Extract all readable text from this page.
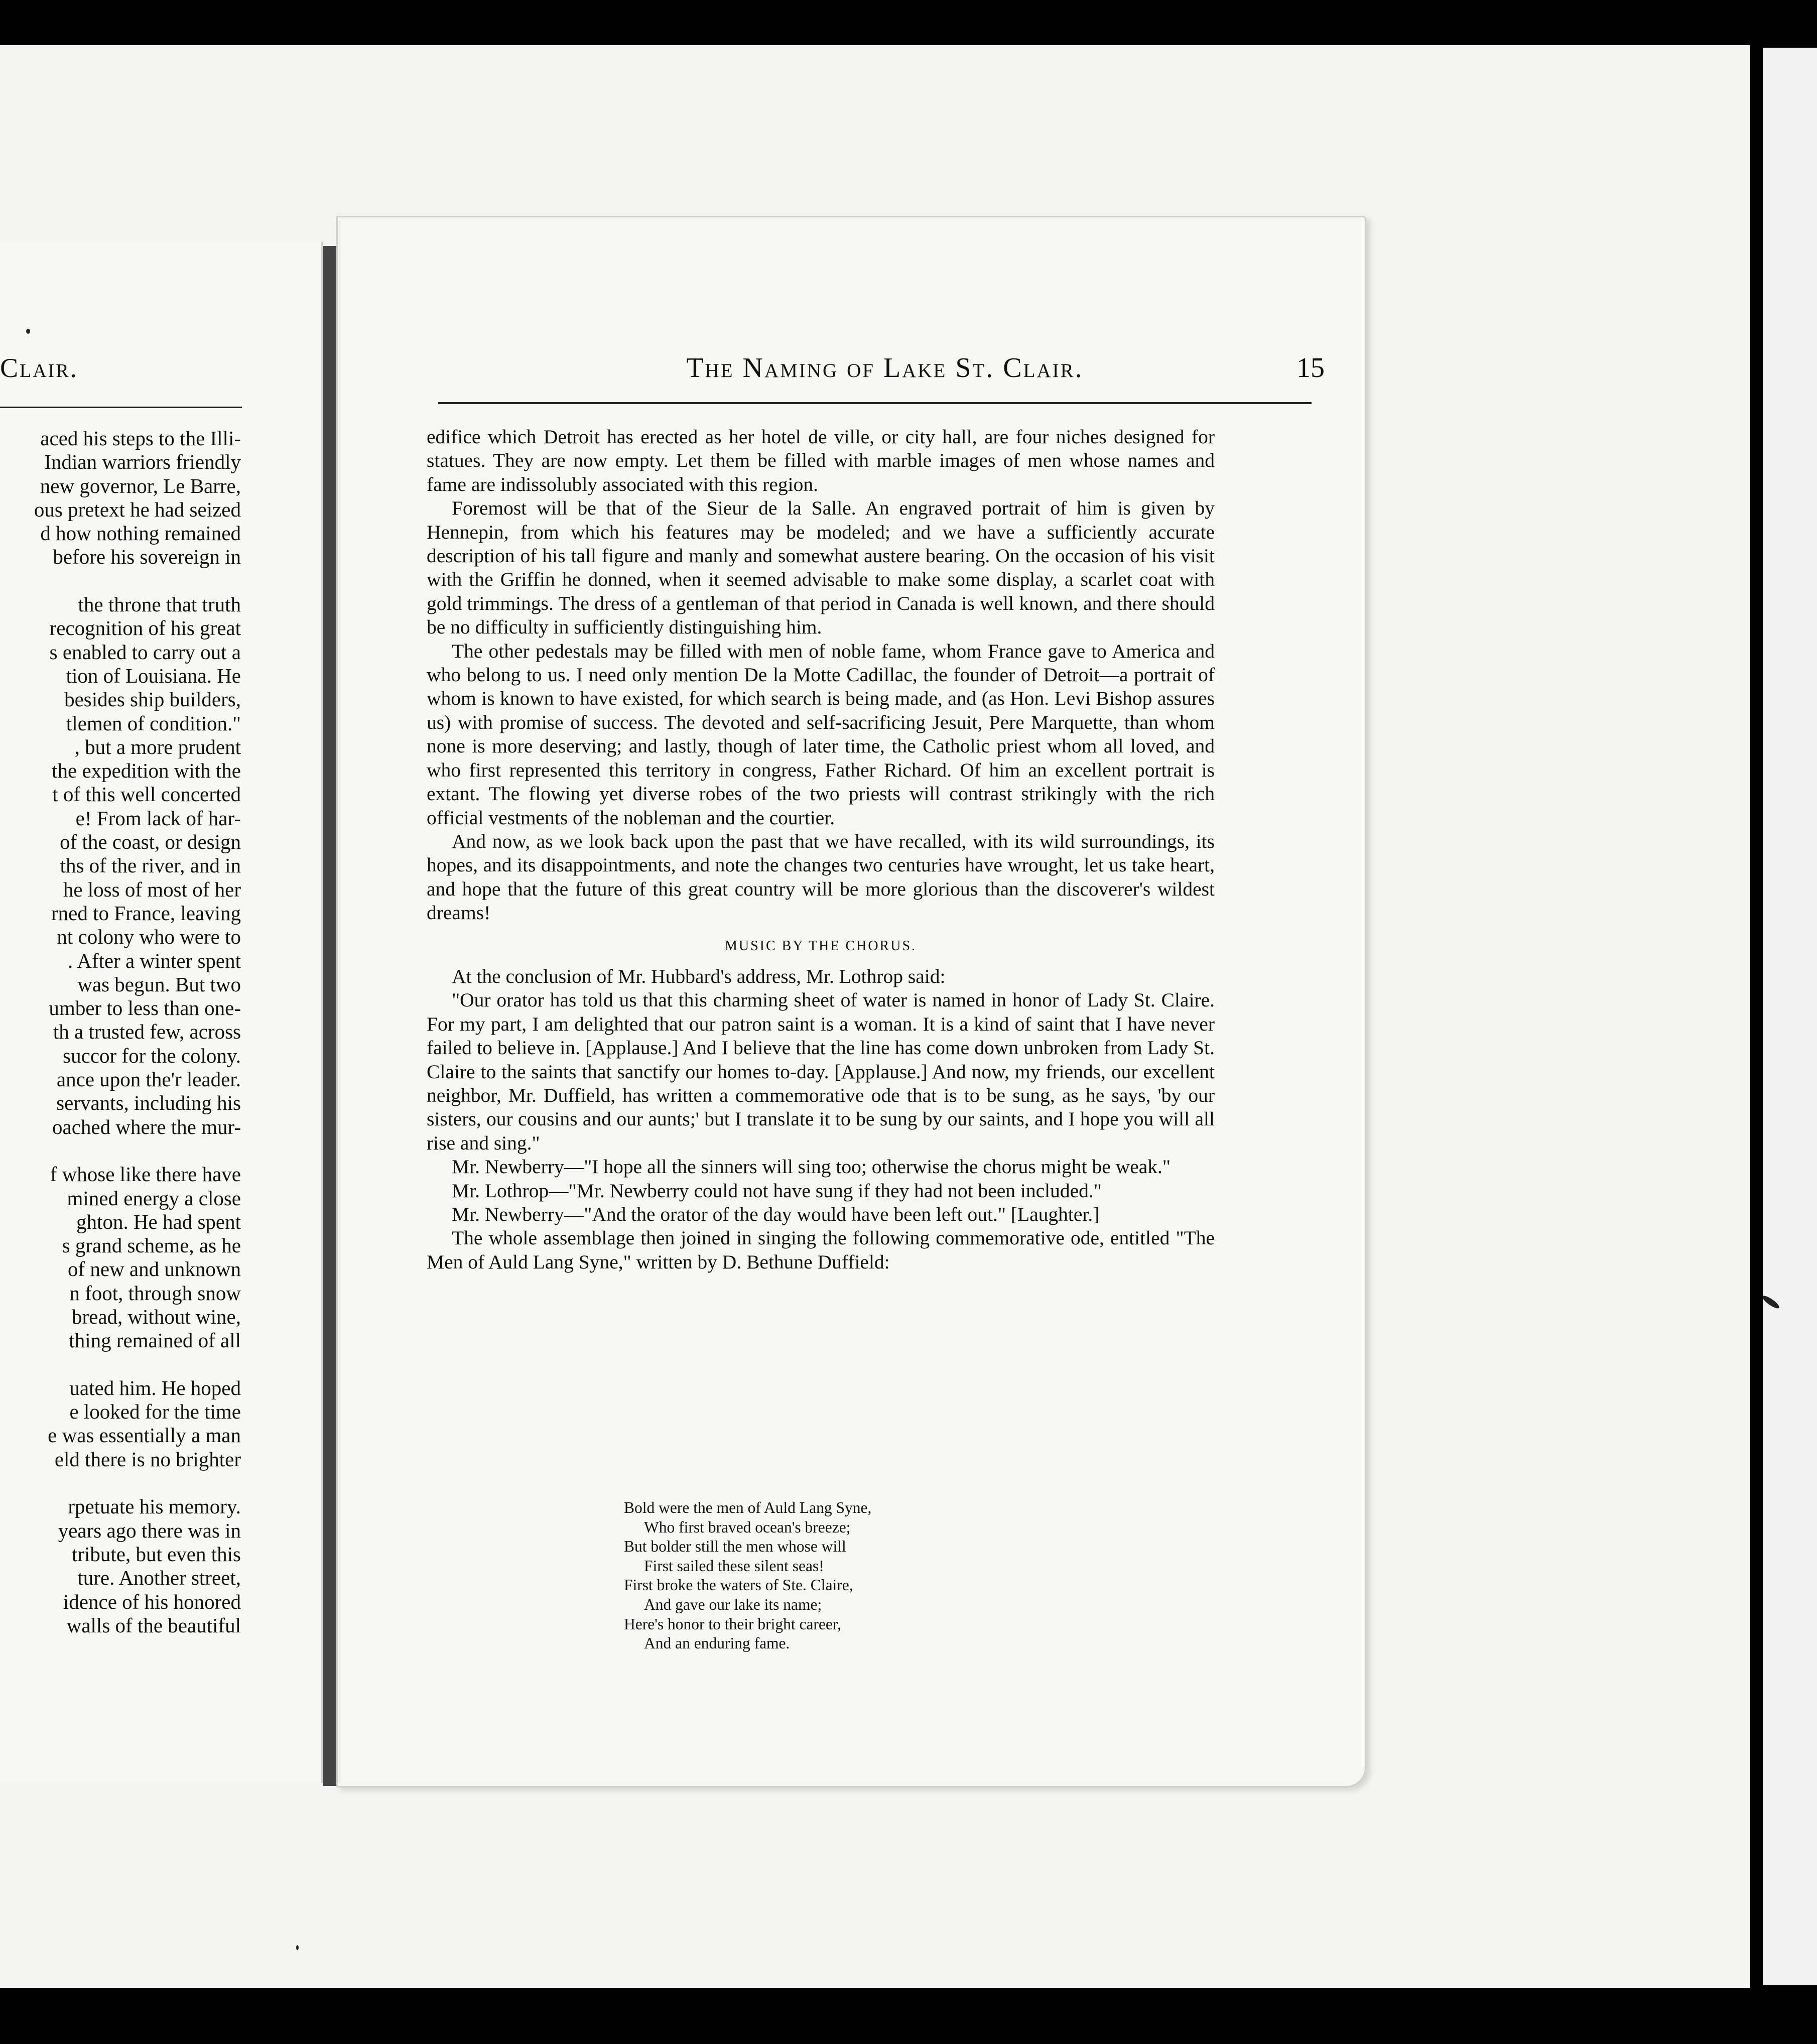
Clair.
aced his steps to the Illi-
Indian warriors friendly
new governor, Le Barre,
ous pretext he had seized
d how nothing remained
before his sovereign in
the throne that truth
recognition of his great
s enabled to carry out a
tion of Louisiana. He
besides ship builders,
tlemen of condition."
, but a more prudent
the expedition with the
t of this well concerted
e! From lack of har-
of the coast, or design
ths of the river, and in
he loss of most of her
rned to France, leaving
nt colony who were to
. After a winter spent
was begun. But two
umber to less than one-
th a trusted few, across
succor for the colony.
ance upon the'r leader.
servants, including his
oached where the mur-
f whose like there have
mined energy a close
ghton. He had spent
s grand scheme, as he
of new and unknown
n foot, through snow
bread, without wine,
thing remained of all
uated him. He hoped
e looked for the time
e was essentially a man
eld there is no brighter
rpetuate his memory.
years ago there was in
tribute, but even this
ture. Another street,
idence of his honored
walls of the beautiful
The Naming of Lake St. Clair.	15

edifice which Detroit has erected as her hotel de ville, or city hall, are four niches designed for statues. They are now empty. Let them be filled with marble images of men whose names and fame are indissolubly associated with this region.

Foremost will be that of the Sieur de la Salle. An engraved portrait of him is given by Hennepin, from which his features may be modeled; and we have a sufficiently accurate description of his tall figure and manly and somewhat austere bearing. On the occasion of his visit with the Griffin he donned, when it seemed advisable to make some display, a scarlet coat with gold trimmings. The dress of a gentleman of that period in Canada is well known, and there should be no difficulty in sufficiently distinguishing him.

The other pedestals may be filled with men of noble fame, whom France gave to America and who belong to us. I need only mention De la Motte Cadillac, the founder of Detroit—a portrait of whom is known to have existed, for which search is being made, and (as Hon. Levi Bishop assures us) with promise of success. The devoted and self-sacrificing Jesuit, Pere Marquette, than whom none is more deserving; and lastly, though of later time, the Catholic priest whom all loved, and who first represented this territory in congress, Father Richard. Of him an excellent portrait is extant. The flowing yet diverse robes of the two priests will contrast strikingly with the rich official vestments of the nobleman and the courtier.

And now, as we look back upon the past that we have recalled, with its wild surroundings, its hopes, and its disappointments, and note the changes two centuries have wrought, let us take heart, and hope that the future of this great country will be more glorious than the discoverer's wildest dreams!

MUSIC BY THE CHORUS.

At the conclusion of Mr. Hubbard's address, Mr. Lothrop said:

"Our orator has told us that this charming sheet of water is named in honor of Lady St. Claire. For my part, I am delighted that our patron saint is a woman. It is a kind of saint that I have never failed to believe in. [Applause.] And I believe that the line has come down unbroken from Lady St. Claire to the saints that sanctify our homes to-day. [Applause.] And now, my friends, our excellent neighbor, Mr. Duffield, has written a commemorative ode that is to be sung, as he says, 'by our sisters, our cousins and our aunts;' but I translate it to be sung by our saints, and I hope you will all rise and sing."

Mr. Newberry—"I hope all the sinners will sing too; otherwise the chorus might be weak."

Mr. Lothrop—"Mr. Newberry could not have sung if they had not been included."

Mr. Newberry—"And the orator of the day would have been left out." [Laughter.]

The whole assemblage then joined in singing the following commemorative ode, entitled "The Men of Auld Lang Syne," written by D. Bethune Duffield:

Bold were the men of Auld Lang Syne,
Who first braved ocean's breeze;
But bolder still the men whose will
First sailed these silent seas!
First broke the waters of Ste. Claire,
And gave our lake its name;
Here's honor to their bright career,
And an enduring fame.
